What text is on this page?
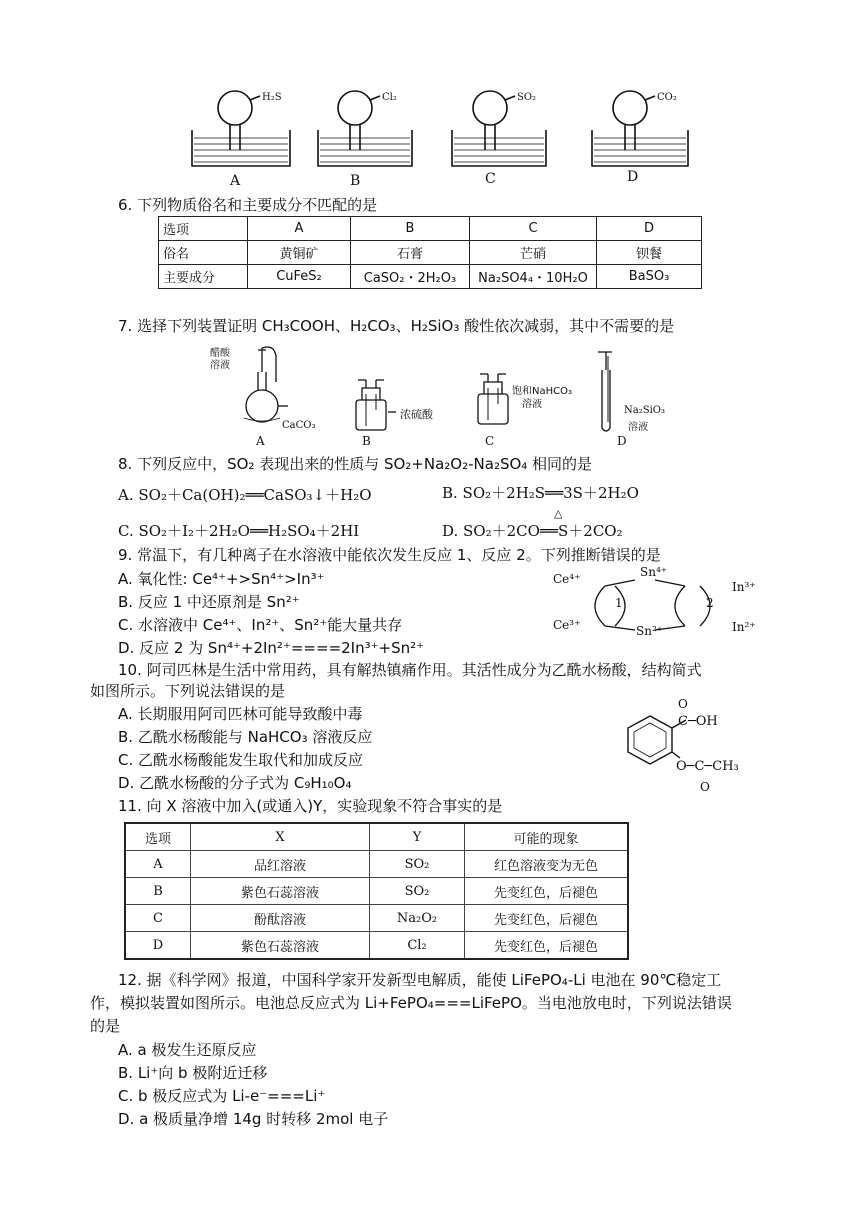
H₂S	Cl₂	SO₂	CO₂
A	B	C	D
6. 下列物质俗名和主要成分不匹配的是
选项	A	B	C	D
俗名	黄铜矿	石膏	芒硝	钡餐
主要成分	CuFeS₂	CaSO₂・2H₂O₃	Na₂SO4₄・10H₂O	BaSO₃
7. 选择下列装置证明 CH₃COOH、H₂CO₃、H₂SiO₃ 酸性依次减弱，其中不需要的是
醋酸
溶液
CaCO₃
浓硫酸
饱和NaHCO₃
溶液
Na₂SiO₃
溶液
A	B	C	D
8. 下列反应中，SO₂ 表现出来的性质与 SO₂+Na₂O₂-Na₂SO₄ 相同的是
A. SO₂＋Ca(OH)₂══CaSO₃↓＋H₂O	B. SO₂＋2H₂S══3S＋2H₂O
C. SO₂＋I₂＋2H₂O══H₂SO₄＋2HI	D. SO₂＋2CO══S＋2CO₂
△
9. 常温下，有几种离子在水溶液中能依次发生反应 1、反应 2。下列推断错误的是
A. 氧化性: Ce⁴⁺+>Sn⁴⁺>In³⁺
B. 反应 1 中还原剂是 Sn²⁺
C. 水溶液中 Ce⁴⁺、In²⁺、Sn²⁺能大量共存
D. 反应 2 为 Sn⁴⁺+2In²⁺====2In³⁺+Sn²⁺
Ce⁴⁺
Ce³⁺
Sn⁴⁺
Sn²⁺
In³⁺
In²⁺
1	2
10. 阿司匹林是生活中常用药，具有解热镇痛作用。其活性成分为乙酰水杨酸，结构简式
如图所示。下列说法错误的是
A. 长期服用阿司匹林可能导致酸中毒
B. 乙酰水杨酸能与 NaHCO₃ 溶液反应
C. 乙酰水杨酸能发生取代和加成反应
D. 乙酰水杨酸的分子式为 C₉H₁₀O₄
O
C─OH
O─C─CH₃
O
11. 向 X 溶液中加入(或通入)Y，实验现象不符合事实的是
选项	X	Y	可能的现象
A	品红溶液	SO₂	红色溶液变为无色
B	紫色石蕊溶液	SO₂	先变红色，后褪色
C	酚酞溶液	Na₂O₂	先变红色，后褪色
D	紫色石蕊溶液	Cl₂	先变红色，后褪色
12. 据《科学网》报道，中国科学家开发新型电解质，能使 LiFePO₄-Li 电池在 90℃稳定工
作，模拟装置如图所示。电池总反应式为 Li+FePO₄===LiFePO。当电池放电时，下列说法错误
的是
A. a 极发生还原反应
B. Li⁺向 b 极附近迁移
C. b 极反应式为 Li-e⁻===Li⁺
D. a 极质量净增 14g 时转移 2mol 电子
